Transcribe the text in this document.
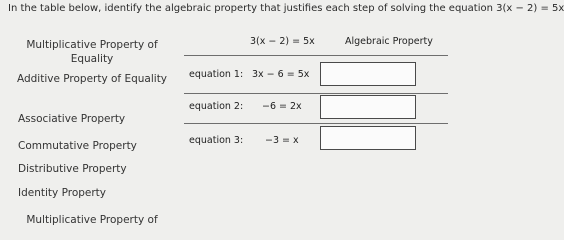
In the table below, identify the algebraic property that justifies each step of solving the equation 3(x − 2) = 5x
Multiplicative Property of Equality
Additive Property of Equality
Associative Property
Commutative Property
Distributive Property
Identity Property
Multiplicative Property of
3(x − 2) = 5x	Algebraic Property
equation 1: 3x − 6 = 5x
equation 2: −6 = 2x
equation 3: −3 = x
